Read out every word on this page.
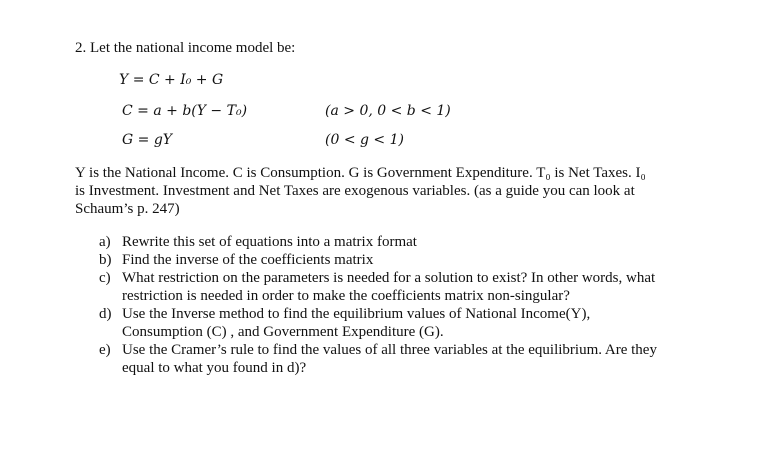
2. Let the national income model be:
Y = C + I₀ + G
C = a + b(Y − T₀)	(a > 0, 0 < b < 1)
G = gY	(0 < g < 1)
Y is the National Income. C is Consumption. G is Government Expenditure. T₀ is Net Taxes. I₀
is Investment. Investment and Net Taxes are exogenous variables. (as a guide you can look at
Schaum’s p. 247)
a) Rewrite this set of equations into a matrix format
b) Find the inverse of the coefficients matrix
c) What restriction on the parameters is needed for a solution to exist? In other words, what
restriction is needed in order to make the coefficients matrix non-singular?
d) Use the Inverse method to find the equilibrium values of National Income(Y),
Consumption (C) , and Government Expenditure (G).
e) Use the Cramer’s rule to find the values of all three variables at the equilibrium. Are they
equal to what you found in d)?
